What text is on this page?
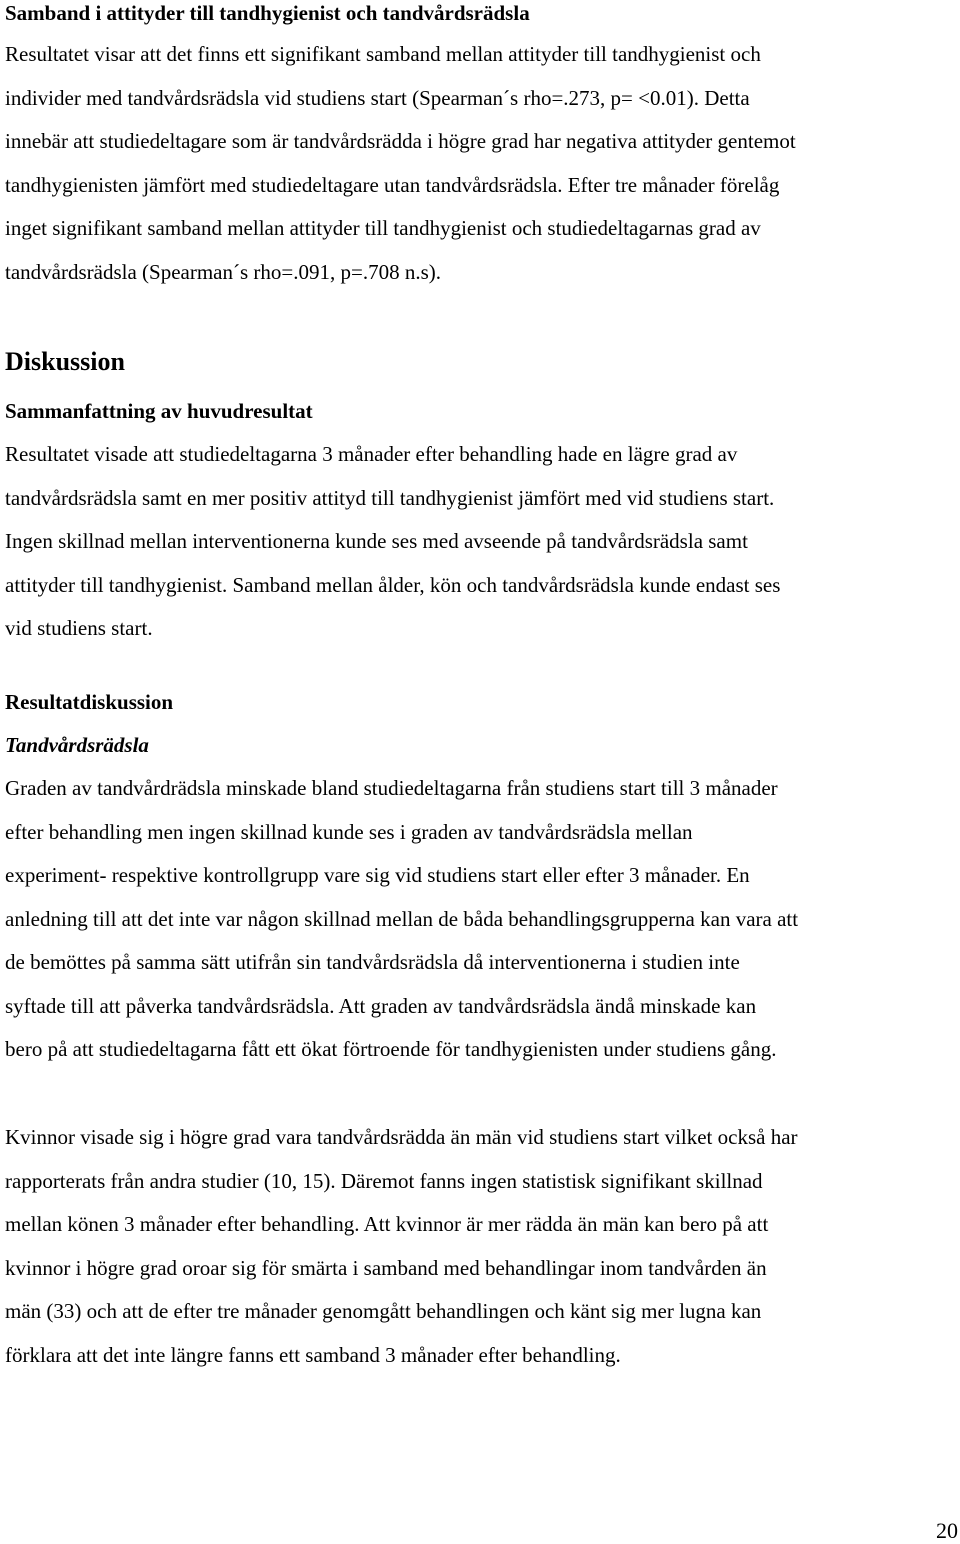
Samband i attityder till tandhygienist och tandvårdsrädsla

Resultatet visar att det finns ett signifikant samband mellan attityder till tandhygienist och
individer med tandvårdsrädsla vid studiens start (Spearman´s rho=.273, p= <0.01). Detta
innebär att studiedeltagare som är tandvårdsrädda i högre grad har negativa attityder gentemot
tandhygienisten jämfört med studiedeltagare utan tandvårdsrädsla. Efter tre månader förelåg
inget signifikant samband mellan attityder till tandhygienist och studiedeltagarnas grad av
tandvårdsrädsla (Spearman´s rho=.091, p=.708 n.s).

Diskussion
Sammanfattning av huvudresultat

Resultatet visade att studiedeltagarna 3 månader efter behandling hade en lägre grad av
tandvårdsrädsla samt en mer positiv attityd till tandhygienist jämfört med vid studiens start.
Ingen skillnad mellan interventionerna kunde ses med avseende på tandvårdsrädsla samt
attityder till tandhygienist. Samband mellan ålder, kön och tandvårdsrädsla kunde endast ses
vid studiens start.

Resultatdiskussion
Tandvårdsrädsla

Graden av tandvårdrädsla minskade bland studiedeltagarna från studiens start till 3 månader
efter behandling men ingen skillnad kunde ses i graden av tandvårdsrädsla mellan
experiment- respektive kontrollgrupp vare sig vid studiens start eller efter 3 månader. En
anledning till att det inte var någon skillnad mellan de båda behandlingsgrupperna kan vara att
de bemöttes på samma sätt utifrån sin tandvårdsrädsla då interventionerna i studien inte
syftade till att påverka tandvårdsrädsla. Att graden av tandvårdsrädsla ändå minskade kan
bero på att studiedeltagarna fått ett ökat förtroende för tandhygienisten under studiens gång.

Kvinnor visade sig i högre grad vara tandvårdsrädda än män vid studiens start vilket också har
rapporterats från andra studier (10, 15). Däremot fanns ingen statistisk signifikant skillnad
mellan könen 3 månader efter behandling. Att kvinnor är mer rädda än män kan bero på att
kvinnor i högre grad oroar sig för smärta i samband med behandlingar inom tandvården än
män (33) och att de efter tre månader genomgått behandlingen och känt sig mer lugna kan
förklara att det inte längre fanns ett samband 3 månader efter behandling.

20
